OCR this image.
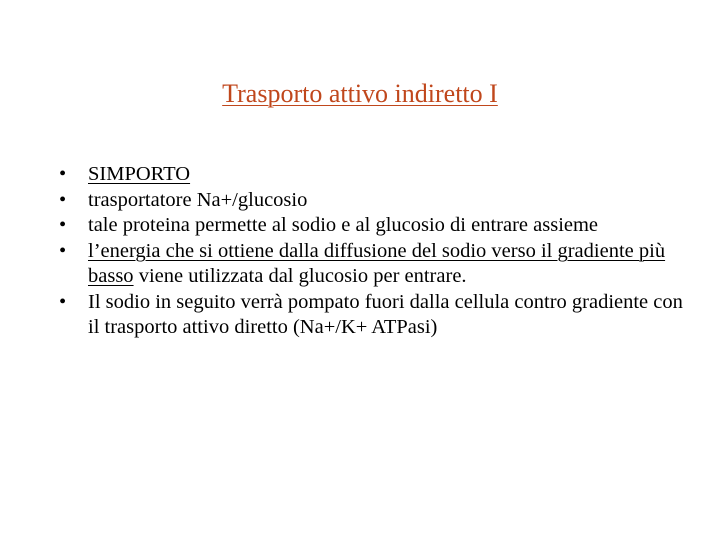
Trasporto attivo indiretto I
• SIMPORTO
• trasportatore Na+/glucosio
• tale proteina permette al sodio e al glucosio di entrare assieme
• l’energia che si ottiene dalla diffusione del sodio verso il gradiente più basso viene utilizzata dal glucosio per entrare.
• Il sodio in seguito verrà pompato fuori dalla cellula contro gradiente con il trasporto attivo diretto (Na+/K+ ATPasi)
